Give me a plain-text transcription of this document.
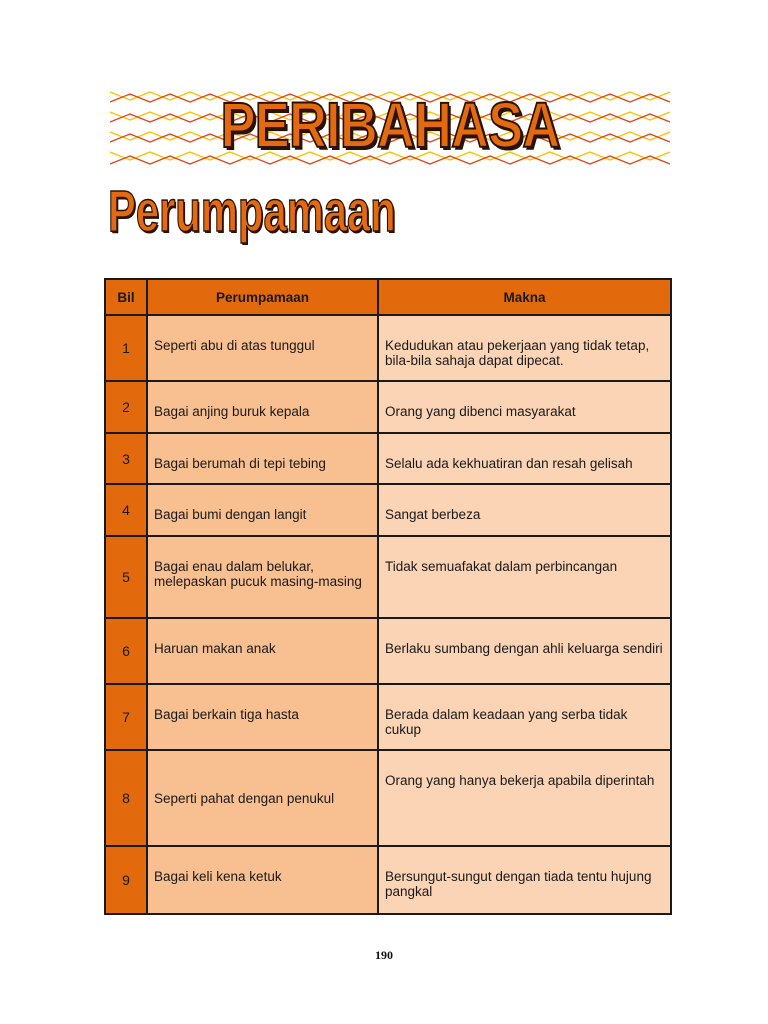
PERIBAHASA
Perumpamaan
Bil	Perumpamaan	Makna
1	Seperti abu di atas tunggul	Kedudukan atau pekerjaan yang tidak tetap, bila-bila sahaja dapat dipecat.
2	Bagai anjing buruk kepala	Orang yang dibenci masyarakat
3	Bagai berumah di tepi tebing	Selalu ada kekhuatiran dan resah gelisah
4	Bagai bumi dengan langit	Sangat berbeza
5	Bagai enau dalam belukar, melepaskan pucuk masing-masing	Tidak semuafakat dalam perbincangan
6	Haruan makan anak	Berlaku sumbang dengan ahli keluarga sendiri
7	Bagai berkain tiga hasta	Berada dalam keadaan yang serba tidak cukup
8	Seperti pahat dengan penukul	Orang yang hanya bekerja apabila diperintah
9	Bagai keli kena ketuk	Bersungut-sungut dengan tiada tentu hujung pangkal
190
